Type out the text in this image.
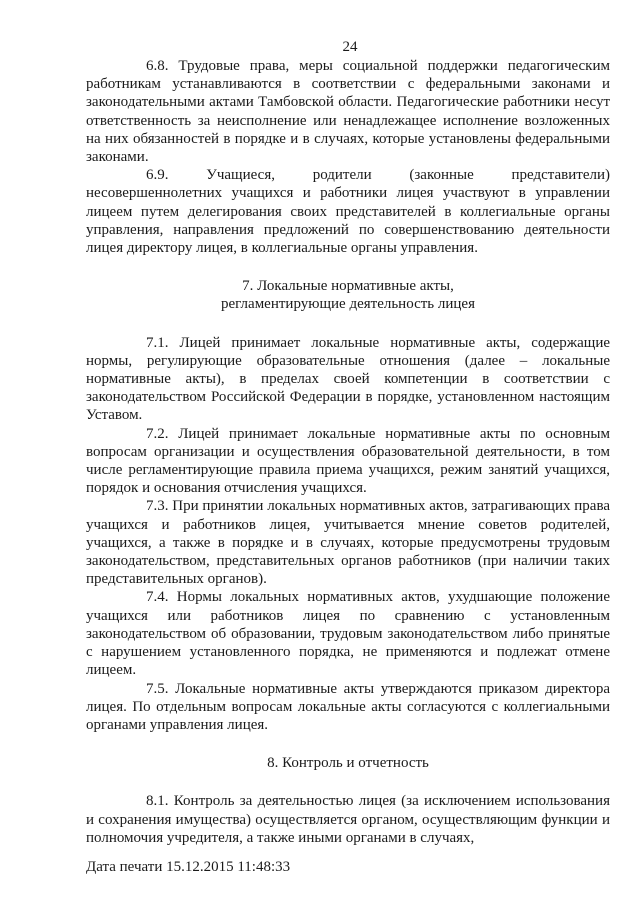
24

6.8. Трудовые права, меры социальной поддержки педагогическим работникам устанавливаются в соответствии с федеральными законами и законодательными актами Тамбовской области. Педагогические работники несут ответственность за неисполнение или ненадлежащее исполнение возложенных на них обязанностей в порядке и в случаях, которые установлены федеральными законами.

6.9. Учащиеся, родители (законные представители) несовершеннолетних учащихся и работники лицея участвуют в управлении лицеем путем делегирования своих представителей в коллегиальные органы управления, направления предложений по совершенствованию деятельности лицея директору лицея, в коллегиальные органы управления.

7. Локальные нормативные акты,

регламентирующие деятельность лицея

7.1. Лицей принимает локальные нормативные акты, содержащие нормы, регулирующие образовательные отношения (далее – локальные нормативные акты), в пределах своей компетенции в соответствии с законодательством Российской Федерации в порядке, установленном настоящим Уставом.

7.2. Лицей принимает локальные нормативные акты по основным вопросам организации и осуществления образовательной деятельности, в том числе регламентирующие правила приема учащихся, режим занятий учащихся, порядок и основания отчисления учащихся.

7.3. При принятии локальных нормативных актов, затрагивающих права учащихся и работников лицея, учитывается мнение советов родителей, учащихся, а также в порядке и в случаях, которые предусмотрены трудовым законодательством, представительных органов работников (при наличии таких представительных органов).

7.4. Нормы локальных нормативных актов, ухудшающие положение учащихся или работников лицея по сравнению с установленным законодательством об образовании, трудовым законодательством либо принятые с нарушением установленного порядка, не применяются и подлежат отмене лицеем.

7.5. Локальные нормативные акты утверждаются приказом директора лицея. По отдельным вопросам локальные акты согласуются с коллегиальными органами управления лицея.

8. Контроль и отчетность

8.1. Контроль за деятельностью лицея (за исключением использования и сохранения имущества) осуществляется органом, осуществляющим функции и полномочия учредителя, а также иными органами в случаях,

Дата печати 15.12.2015 11:48:33
